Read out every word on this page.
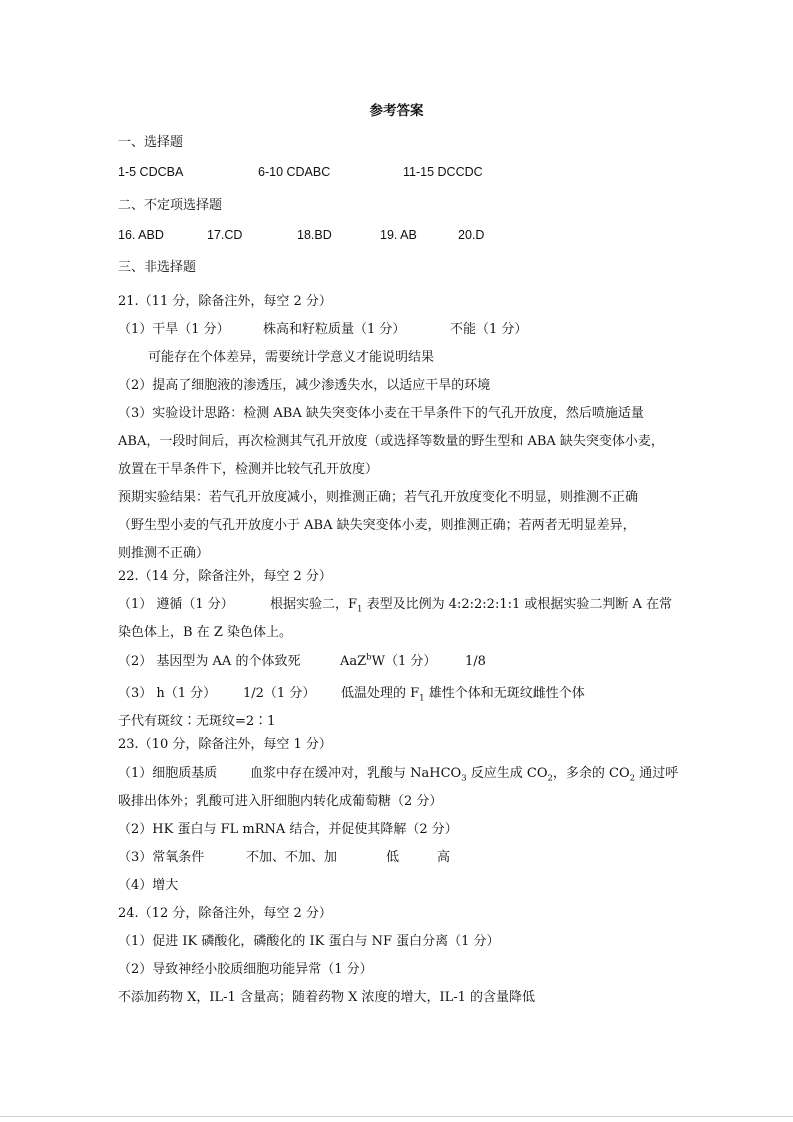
参考答案
一、选择题
1-5 CDCBA	6-10 CDABC	11-15 DCCDC
二、不定项选择题
16. ABD	17.CD	18.BD	19. AB	20.D
三、非选择题
21.（11 分，除备注外，每空 2 分）
（1）干旱（1 分）	株高和籽粒质量（1 分）	不能（1 分）
可能存在个体差异，需要统计学意义才能说明结果
（2）提高了细胞液的渗透压，减少渗透失水，以适应干旱的环境
（3）实验设计思路：检测 ABA 缺失突变体小麦在干旱条件下的气孔开放度，然后喷施适量
ABA，一段时间后，再次检测其气孔开放度（或选择等数量的野生型和 ABA 缺失突变体小麦，
放置在干旱条件下，检测并比较气孔开放度）
预期实验结果：若气孔开放度减小，则推测正确；若气孔开放度变化不明显，则推测不正确
（野生型小麦的气孔开放度小于 ABA 缺失突变体小麦，则推测正确；若两者无明显差异，
则推测不正确）
22.（14 分，除备注外，每空 2 分）
（1） 遵循（1 分）	根据实验二，$F_1$ 表型及比例为 4:2:2:2:1:1 或根据实验二判断 A 在常
染色体上，B 在 Z 染色体上。
（2） 基因型为 AA 的个体致死	AaZ$^b$W（1 分） 1/8
（3） h（1 分） 1/2（1 分） 低温处理的 $F_1$ 雄性个体和无斑纹雌性个体
子代有斑纹∶无斑纹=2∶1
23.（10 分，除备注外，每空 1 分）
（1）细胞质基质	血浆中存在缓冲对，乳酸与 NaHCO$_3$ 反应生成 $CO_2$，多余的 $CO_2$ 通过呼
吸排出体外；乳酸可进入肝细胞内转化成葡萄糖（2 分）
（2）HK 蛋白与 FL mRNA 结合，并促使其降解（2 分）
（3）常氧条件	不加、不加、加	低	高
（4）增大
24.（12 分，除备注外，每空 2 分）
（1）促进 IK 磷酸化，磷酸化的 IK 蛋白与 NF 蛋白分离（1 分）
（2）导致神经小胶质细胞功能异常（1 分）
不添加药物 X，IL-1 含量高；随着药物 X 浓度的增大，IL-1 的含量降低
